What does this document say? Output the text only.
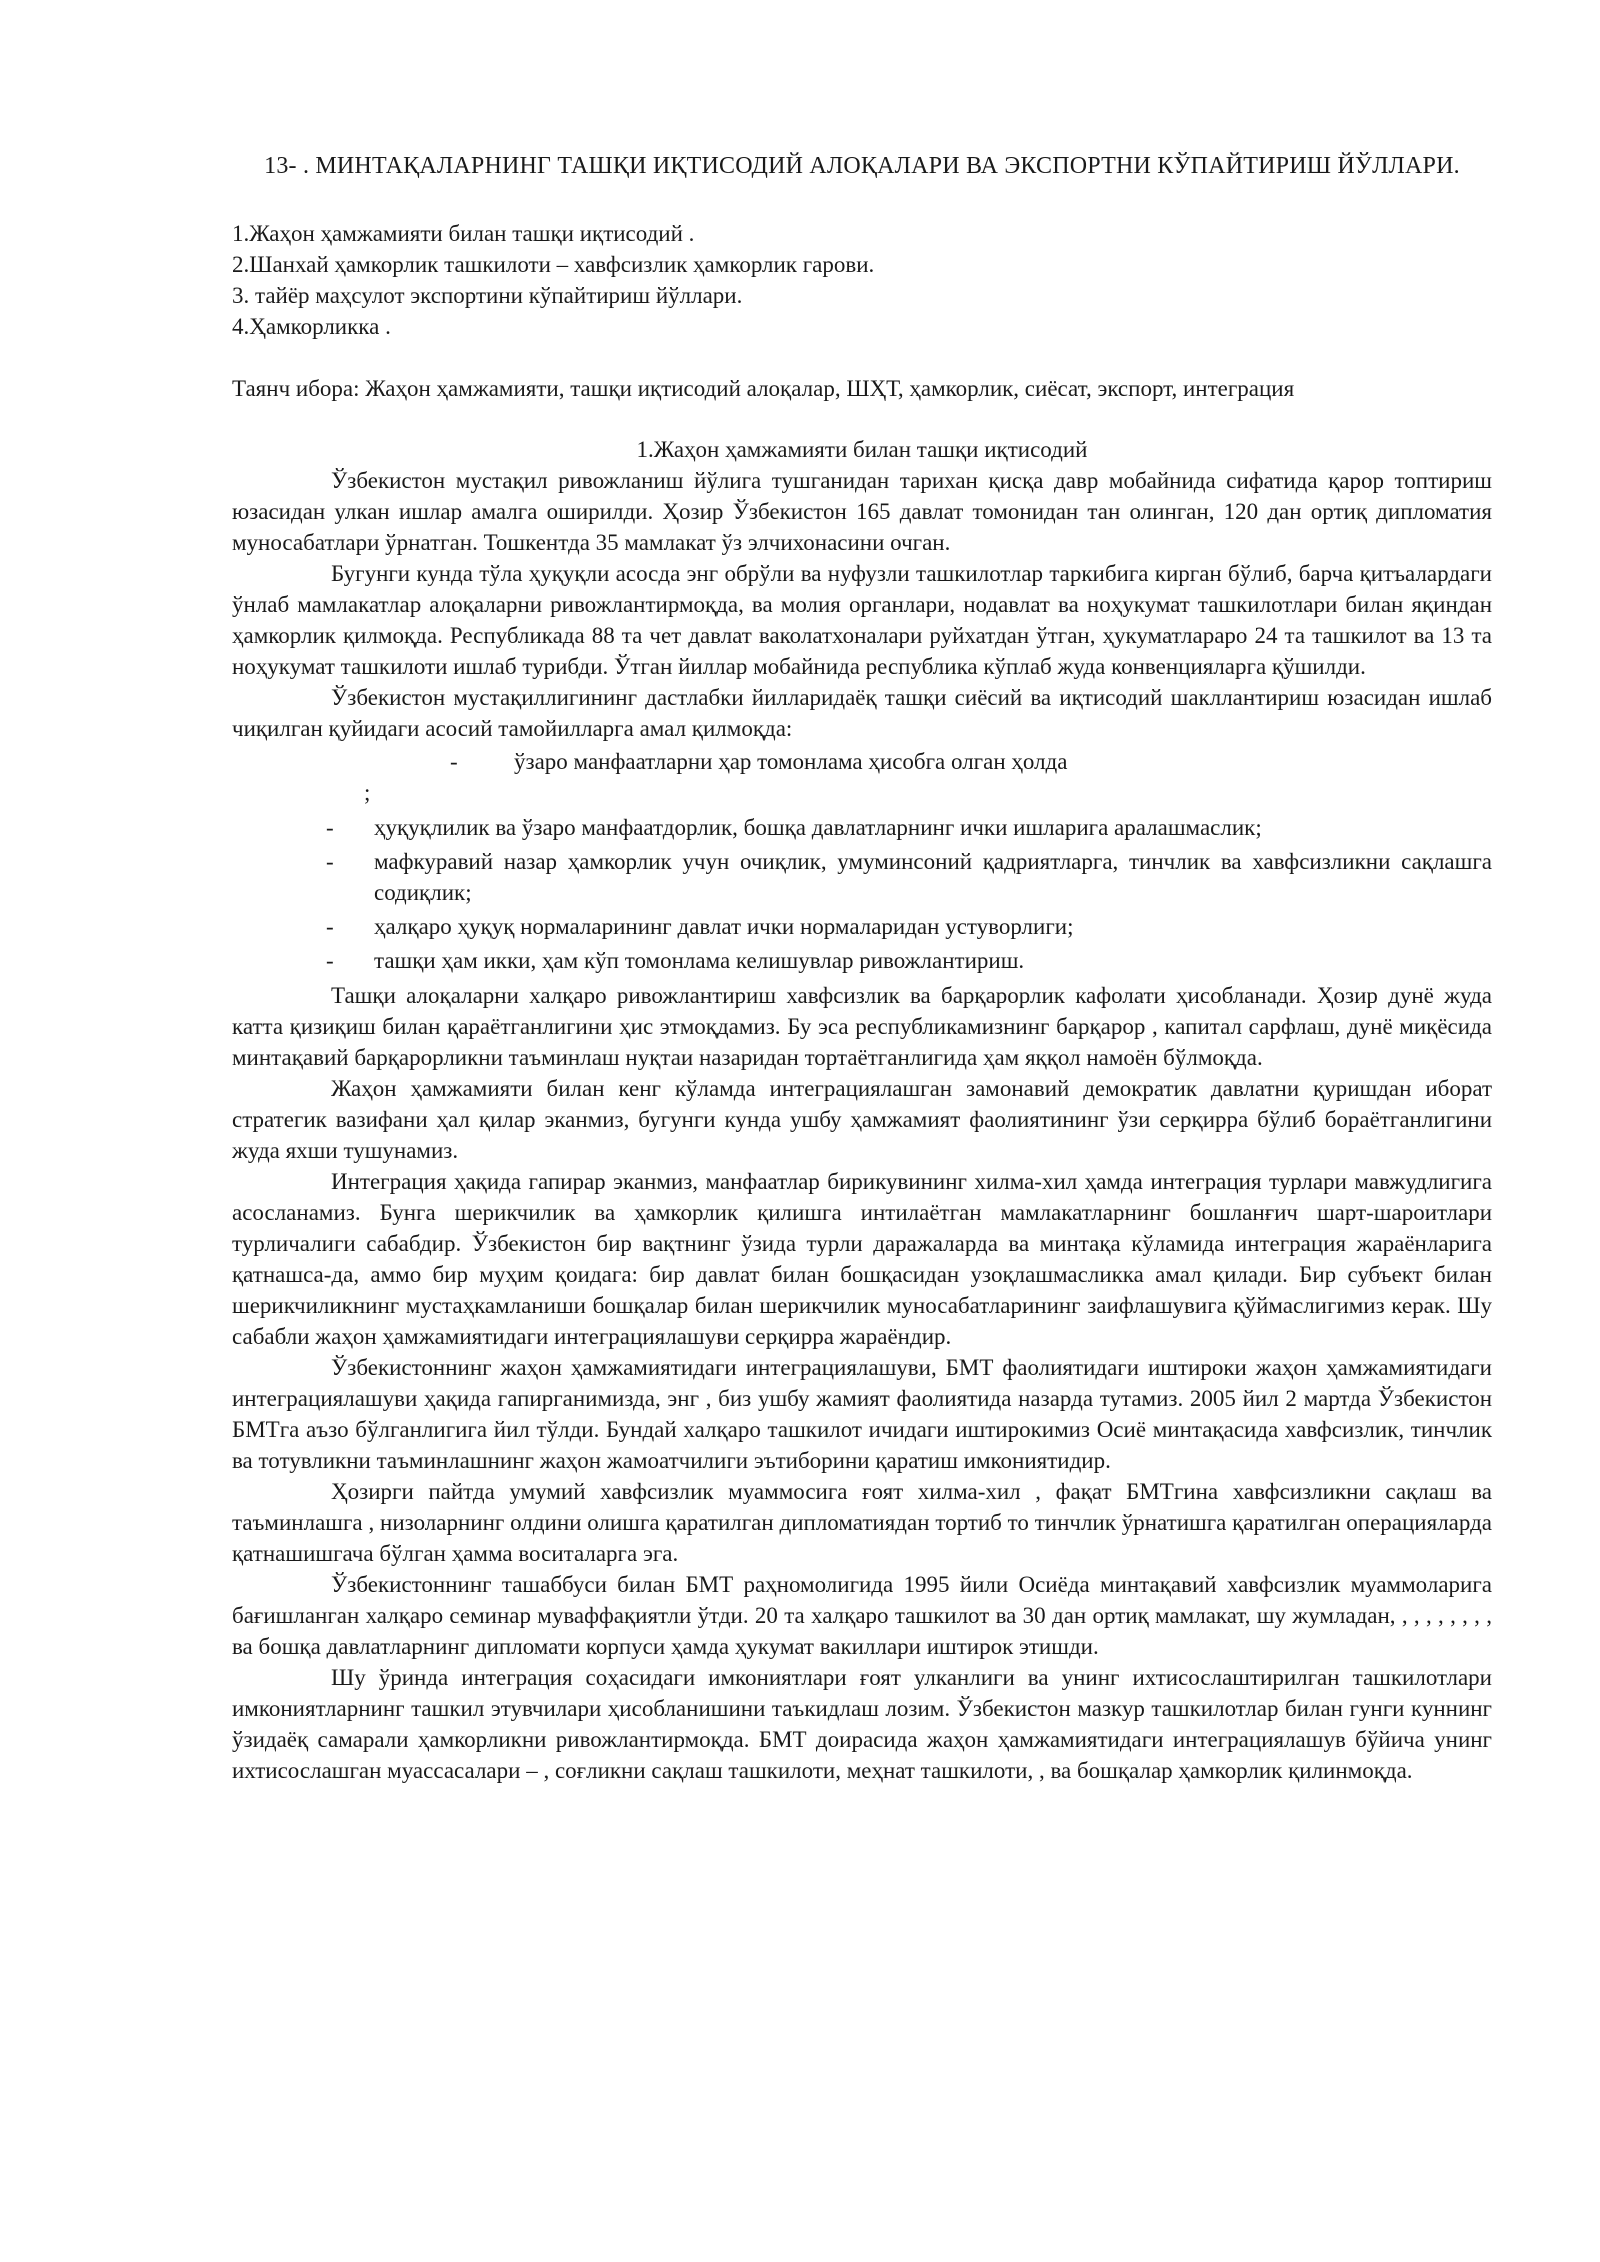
13- . МИНТАҚАЛАРНИНГ ТАШҚИ ИҚТИСОДИЙ АЛОҚАЛАРИ ВА ЭКСПОРТНИ КЎПАЙТИРИШ ЙЎЛЛАРИ.

1.Жаҳон ҳамжамияти билан ташқи иқтисодий .

2.Шанхай ҳамкорлик ташкилоти – хавфсизлик ҳамкорлик гарови.

3. тайёр маҳсулот экспортини кўпайтириш йўллари.

4.Ҳамкорликка .

Таянч ибора: Жаҳон ҳамжамияти, ташқи иқтисодий алоқалар, ШҲТ, ҳамкорлик, сиёсат, экспорт, интеграция

1.Жаҳон ҳамжамияти билан ташқи иқтисодий

Ўзбекистон мустақил ривожланиш йўлига тушганидан тарихан қисқа давр мобайнида сифатида қарор топтириш юзасидан улкан ишлар амалга оширилди. Ҳозир Ўзбекистон 165 давлат томонидан тан олинган, 120 дан ортиқ дипломатия муносабатлари ўрнатган. Тошкентда 35 мамлакат ўз элчихонасини очган.

Бугунги кунда тўла ҳуқуқли асосда энг обрўли ва нуфузли ташкилотлар таркибига кирган бўлиб, барча қитъалардаги ўнлаб мамлакатлар алоқаларни ривожлантирмоқда, ва молия органлари, нодавлат ва ноҳукумат ташкилотлари билан яқиндан ҳамкорлик қилмоқда. Республикада 88 та чет давлат ваколатхоналари руйхатдан ўтган, ҳукуматлараро 24 та ташкилот ва 13 та ноҳукумат ташкилоти ишлаб турибди. Ўтган йиллар мобайнида республика кўплаб жуда конвенцияларга қўшилди.

Ўзбекистон мустақиллигининг дастлабки йилларидаёқ ташқи сиёсий ва иқтисодий шакллантириш юзасидан ишлаб чиқилган қуйидаги асосий тамойилларга амал қилмоқда:

- ўзаро манфаатларни ҳар томонлама ҳисобга олган ҳолда

;

- ҳуқуқлилик ва ўзаро манфаатдорлик, бошқа давлатларнинг ички ишларига аралашмаслик;

- мафкуравий назар ҳамкорлик учун очиқлик, умуминсоний қадриятларга, тинчлик ва хавфсизликни сақлашга содиқлик;

- ҳалқаро ҳуқуқ нормаларининг давлат ички нормаларидан устуворлиги;

- ташқи ҳам икки, ҳам кўп томонлама келишувлар ривожлантириш.

Ташқи алоқаларни халқаро ривожлантириш хавфсизлик ва барқарорлик кафолати ҳисобланади. Ҳозир дунё жуда катта қизиқиш билан қараётганлигини ҳис этмоқдамиз. Бу эса республикамизнинг барқарор , капитал сарфлаш, дунё миқёсида минтақавий барқарорликни таъминлаш нуқтаи назаридан тортаётганлигида ҳам яққол намоён бўлмоқда.

Жаҳон ҳамжамияти билан кенг кўламда интеграциялашган замонавий демократик давлатни қуришдан иборат стратегик вазифани ҳал қилар эканмиз, бугунги кунда ушбу ҳамжамият фаолиятининг ўзи серқирра бўлиб бораётганлигини жуда яхши тушунамиз.

Интеграция ҳақида гапирар эканмиз, манфаатлар бирикувининг хилма-хил ҳамда интеграция турлари мавжудлигига асосланамиз. Бунга шерикчилик ва ҳамкорлик қилишга интилаётган мамлакатларнинг бошланғич шарт-шароитлари турличалиги сабабдир. Ўзбекистон бир вақтнинг ўзида турли даражаларда ва минтақа кўламида интеграция жараёнларига қатнашса-да, аммо бир муҳим қоидага: бир давлат билан бошқасидан узоқлашмасликка амал қилади. Бир субъект билан шерикчиликнинг мустаҳкамланиши бошқалар билан шерикчилик муносабатларининг заифлашувига қўймаслигимиз керак. Шу сабабли жаҳон ҳамжамиятидаги интеграциялашуви серқирра жараёндир.

Ўзбекистоннинг жаҳон ҳамжамиятидаги интеграциялашуви, БМТ фаолиятидаги иштироки жаҳон ҳамжамиятидаги интеграциялашуви ҳақида гапирганимизда, энг , биз ушбу жамият фаолиятида назарда тутамиз. 2005 йил 2 мартда Ўзбекистон БМТга аъзо бўлганлигига йил тўлди. Бундай халқаро ташкилот ичидаги иштирокимиз Осиё минтақасида хавфсизлик, тинчлик ва тотувликни таъминлашнинг жаҳон жамоатчилиги эътиборини қаратиш имкониятидир.

Ҳозирги пайтда умумий хавфсизлик муаммосига ғоят хилма-хил , фақат БМТгина хавфсизликни сақлаш ва таъминлашга , низоларнинг олдини олишга қаратилган дипломатиядан тортиб то тинчлик ўрнатишга қаратилган операцияларда қатнашишгача бўлган ҳамма воситаларга эга.

Ўзбекистоннинг ташаббуси билан БМТ раҳномолигида 1995 йили Осиёда минтақавий хавфсизлик муаммоларига бағишланган халқаро семинар муваффақиятли ўтди. 20 та халқаро ташкилот ва 30 дан ортиқ мамлакат, шу жумладан, , , , , , , , , ва бошқа давлатларнинг дипломати корпуси ҳамда ҳукумат вакиллари иштирок этишди.

Шу ўринда интеграция соҳасидаги имкониятлари ғоят улканлиги ва унинг ихтисослаштирилган ташкилотлари имкониятларнинг ташкил этувчилари ҳисобланишини таъкидлаш лозим. Ўзбекистон мазкур ташкилотлар билан гунги куннинг ўзидаёқ самарали ҳамкорликни ривожлантирмоқда. БМТ доирасида жаҳон ҳамжамиятидаги интеграциялашув бўйича унинг ихтисослашган муассасалари – , соғликни сақлаш ташкилоти, меҳнат ташкилоти, , ва бошқалар ҳамкорлик қилинмоқда.
